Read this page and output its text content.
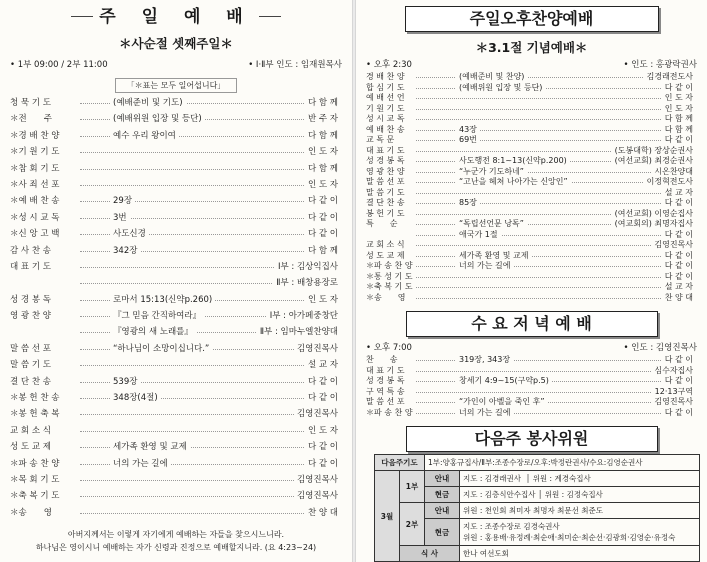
주 일 예 배
＊사순절 셋째주일＊
• 1부 09:00 / 2부 11:00	• Ⅰ·Ⅱ부 인도 : 임재원목사
「＊표는 모두 일어섭니다」
청 묵 기 도	(예배준비 및 기도)	다 함 께
＊전　　주	(예배위원 입장 및 등단)	반 주 자
＊경 배 찬 양	예수 우리 왕이여	다 함 께
＊기 원 기 도	인 도 자
＊참 회 기 도	다 함 께
＊사 죄 선 포	인 도 자
＊예 배 찬 송	29장	다 같 이
＊성 시 교 독	3번	다 같 이
＊신 앙 고 백	사도신경	다 같 이
감 사 찬 송	342장	다 함 께
대 표 기 도	Ⅰ부 : 김상익집사
Ⅱ부 : 배창용장로
성 경 봉 독	로마서 15:13(신약p.260)	인 도 자
영 광 찬 양	『그 믿음 간직하여라』	Ⅰ부 : 아가페중창단
『영광의 새 노래를』	Ⅱ부 : 임마누엘찬양대
말 씀 선 포	“하나님이 소망이십니다.”	김영진목사
말 씀 기 도	설 교 자
결 단 찬 송	539장	다 같 이
＊봉 헌 찬 송	348장(4절)	다 같 이
＊봉 헌 축 복	김영진목사
교 회 소 식	인 도 자
성 도 교 제	세가족 환영 및 교제	다 같 이
＊파 송 찬 양	너의 가는 길에	다 같 이
＊목 회 기 도	김영진목사
＊축 복 기 도	김영진목사
＊송　　영	찬 양 대
아버지께서는 이렇게 자기에게 예배하는 자들을 찾으시느니라.
하나님은 영이시니 예배하는 자가 신령과 진정으로 예배할지니라. (요 4:23~24)
주일오후찬양예배
＊3.1절 기념예배＊
• 오후 2:30	• 인도 : 홍광락권사
경 배 찬 양	(예배준비 및 찬양)	김경래전도사
합 심 기 도	(예배위원 입장 및 등단)	다 같 이
예 배 선 언	인 도 자
기 원 기 도	인 도 자
성 시 교 독	다 함 께
예 배 찬 송	43장	다 함 께
교 독 문	69번	다 같 이
대 표 기 도	(도봉대학) 장상순권사
성 경 봉 독	사도행전 8:1~13(신약p.200)	(여선교회) 최경순권사
영 광 찬 양	“누군가 기도하네”	시온찬양대
말 씀 선 포	“고난을 헤쳐 나아가는 신앙인”	이정혁전도사
말 씀 기 도	설 교 자
결 단 찬 송	85장	다 같 이
봉 헌 기 도	(여선교회) 이영순집사
특　　순	“독립선언문 낭독”	(여교회의) 최명자집사
애국가 1절	다 같 이
교 회 소 식	김영진목사
성 도 교 제	세가족 환영 및 교제	다 같 이
＊파 송 찬 양	너의 가는 길에	다 같 이
＊통 성 기 도	다 같 이
＊축 복 기 도	설 교 자
＊송　　영	찬 양 대
수 요 저 녁 예 배
• 오후 7:00	• 인도 : 김영진목사
찬　　송	319장, 343장	다 같 이
대 표 기 도	심수자집사
성 경 봉 독	창세기 4:9~15(구약p.5)	다 같 이
구 역 특 송	12·13구역
말 씀 선 포	“가인이 아벨을 죽인 후”	김영진목사
＊파 송 찬 양	너의 가는 길에	다 같 이
다음주 봉사위원
다음주기도		1부:양홍규집사/Ⅱ부:조종수장로/오후:박정란권사/수요:김영순권사	
3월	1부	안내	지도 : 김경래권사  │ 위원 : 계경숙집사
		현금	지도 : 김층식안수집사 │ 위원 : 김정숙집사
	2부	안내	위원 : 천인회 최미자 최명자 최문선 최준도
		현금	지도 : 조종수장로 김경숙권사
위원 : 홍용배·유정례·최순애·최미순·최순선·김광희·김영순·유정숙
	식 사		한나 여선도회
